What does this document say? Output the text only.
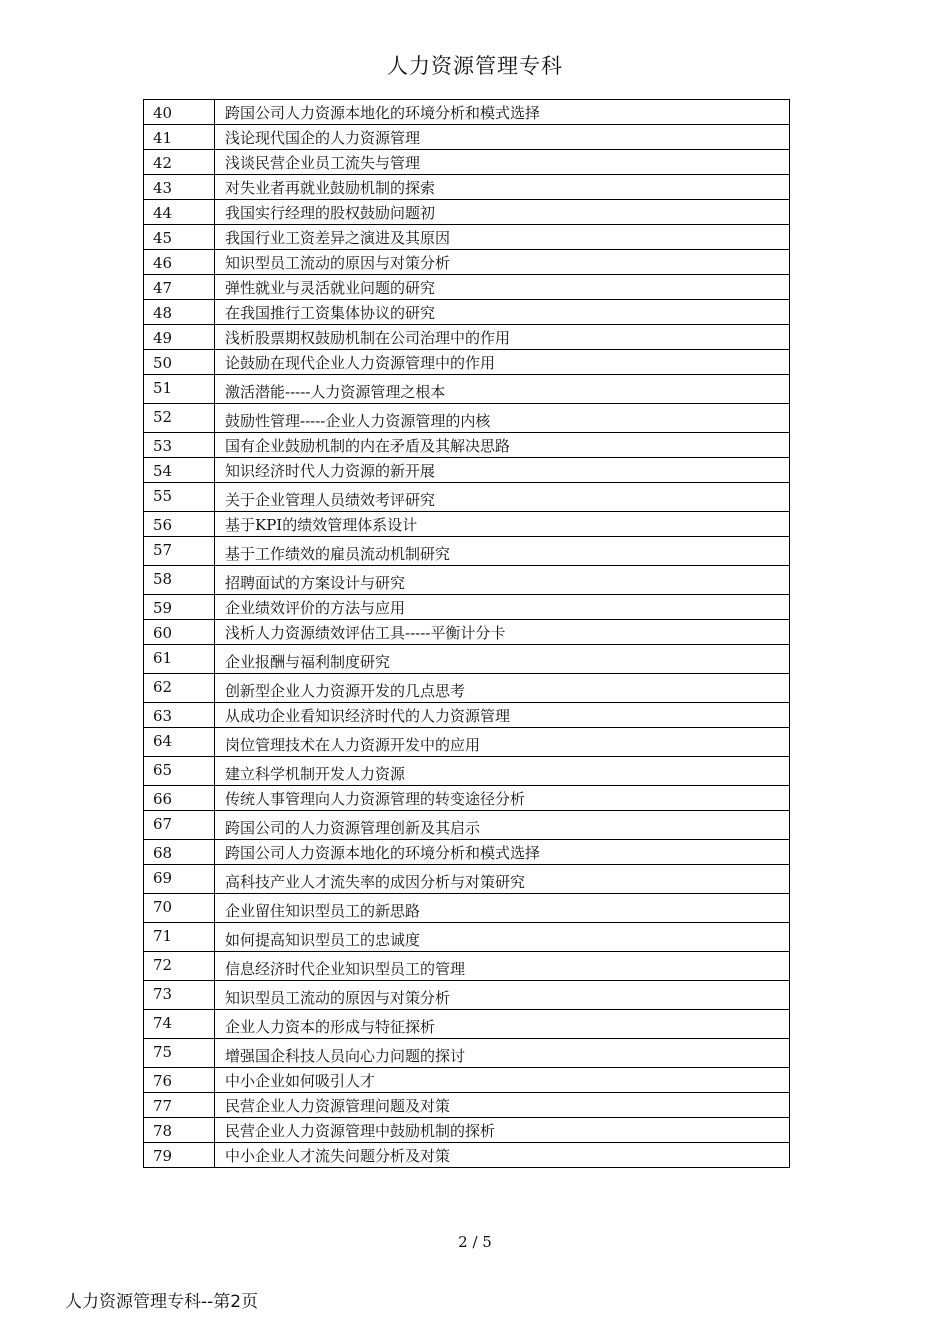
人力资源管理专科
40	跨国公司人力资源本地化的环境分析和模式选择
41	浅论现代国企的人力资源管理
42	浅谈民营企业员工流失与管理
43	对失业者再就业鼓励机制的探索
44	我国实行经理的股权鼓励问题初
45	我国行业工资差异之演进及其原因
46	知识型员工流动的原因与对策分析
47	弹性就业与灵活就业问题的研究
48	在我国推行工资集体协议的研究
49	浅析股票期权鼓励机制在公司治理中的作用
50	论鼓励在现代企业人力资源管理中的作用
51	激活潜能-----人力资源管理之根本
52	鼓励性管理-----企业人力资源管理的内核
53	国有企业鼓励机制的内在矛盾及其解决思路
54	知识经济时代人力资源的新开展
55	关于企业管理人员绩效考评研究
56	基于KPI的绩效管理体系设计
57	基于工作绩效的雇员流动机制研究
58	招聘面试的方案设计与研究
59	企业绩效评价的方法与应用
60	浅析人力资源绩效评估工具-----平衡计分卡
61	企业报酬与福利制度研究
62	创新型企业人力资源开发的几点思考
63	从成功企业看知识经济时代的人力资源管理
64	岗位管理技术在人力资源开发中的应用
65	建立科学机制开发人力资源
66	传统人事管理向人力资源管理的转变途径分析
67	跨国公司的人力资源管理创新及其启示
68	跨国公司人力资源本地化的环境分析和模式选择
69	高科技产业人才流失率的成因分析与对策研究
70	企业留住知识型员工的新思路
71	如何提高知识型员工的忠诚度
72	信息经济时代企业知识型员工的管理
73	知识型员工流动的原因与对策分析
74	企业人力资本的形成与特征探析
75	增强国企科技人员向心力问题的探讨
76	中小企业如何吸引人才
77	民营企业人力资源管理问题及对策
78	民营企业人力资源管理中鼓励机制的探析
79	中小企业人才流失问题分析及对策
2 / 5
人力资源管理专科--第2页
